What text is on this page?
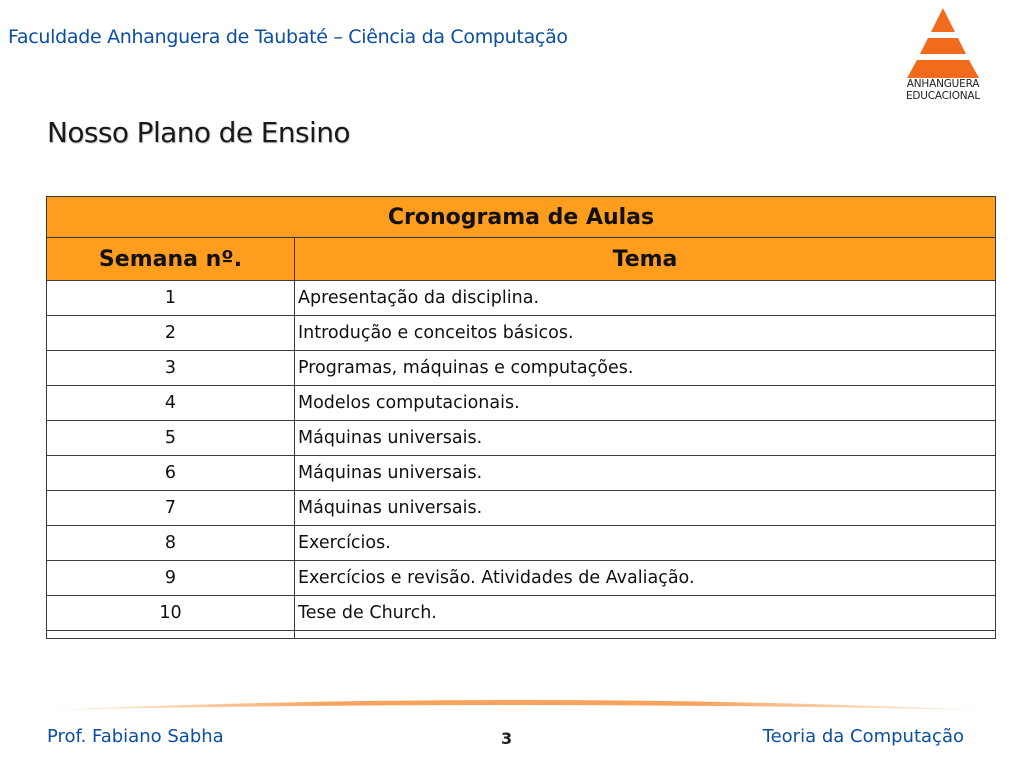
Faculdade Anhanguera de Taubaté – Ciência da Computação
ANHANGUERA
EDUCACIONAL
Nosso Plano de Ensino
Cronograma de Aulas	
Semana nº.	Tema
1	Apresentação da disciplina.
2	Introdução e conceitos básicos.
3	Programas, máquinas e computações.
4	Modelos computacionais.
5	Máquinas universais.
6	Máquinas universais.
7	Máquinas universais.
8	Exercícios.
9	Exercícios e revisão. Atividades de Avaliação.
10	Tese de Church.

Prof. Fabiano Sabha	3	Teoria da Computação
